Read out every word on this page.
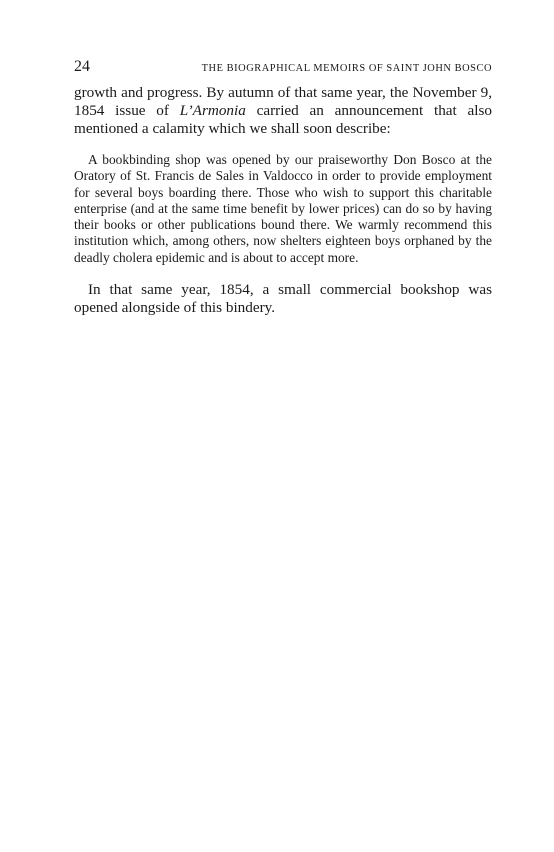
24	THE BIOGRAPHICAL MEMOIRS OF SAINT JOHN BOSCO

growth and progress. By autumn of that same year, the November 9, 1854 issue of L’Armonia carried an announcement that also mentioned a calamity which we shall soon describe:

A bookbinding shop was opened by our praiseworthy Don Bosco at the Oratory of St. Francis de Sales in Valdocco in order to provide employment for several boys boarding there. Those who wish to support this charitable enterprise (and at the same time benefit by lower prices) can do so by having their books or other publications bound there. We warmly recommend this institution which, among others, now shelters eighteen boys orphaned by the deadly cholera epidemic and is about to accept more.

In that same year, 1854, a small commercial bookshop was opened alongside of this bindery.
